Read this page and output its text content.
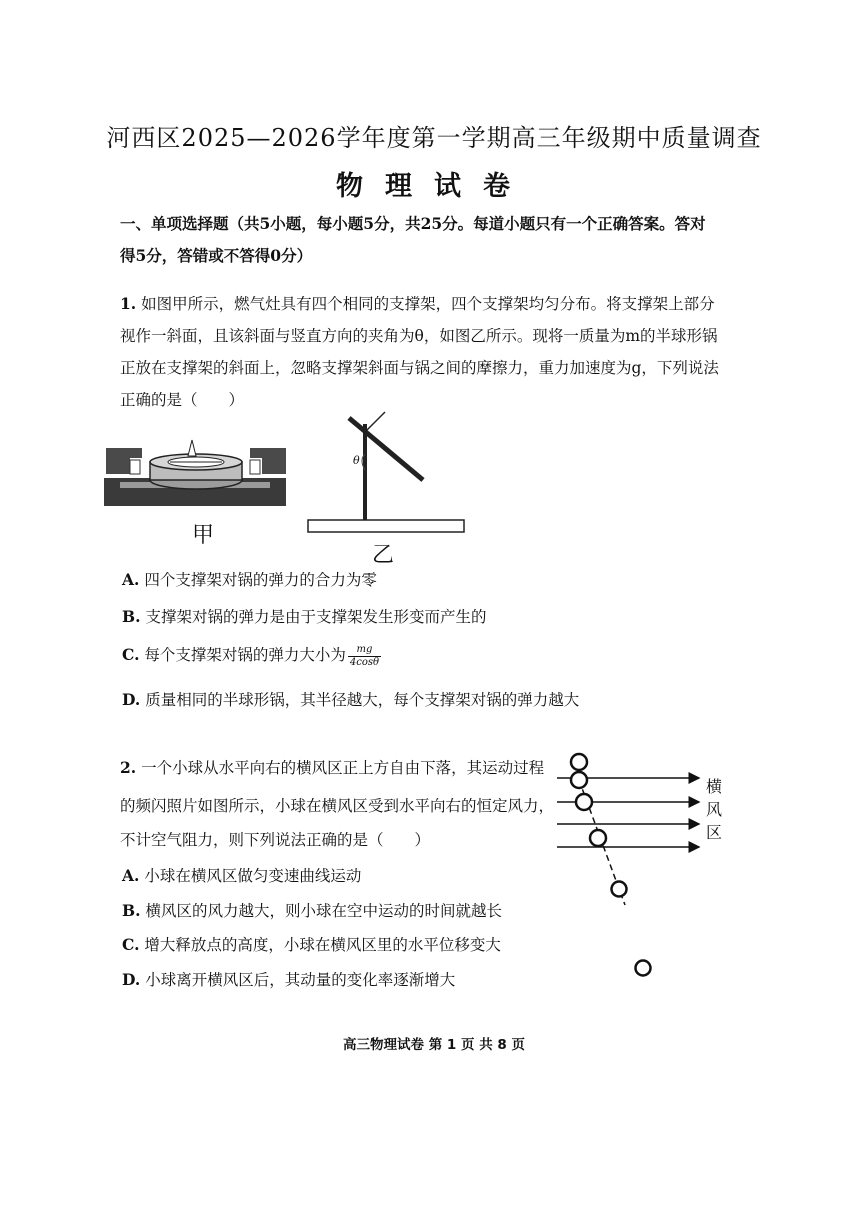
河西区2025—2026学年度第一学期高三年级期中质量调查
物理试卷
一、单项选择题（共5小题，每小题5分，共25分。每道小题只有一个正确答案。答对
得5分，答错或不答得0分）
1. 如图甲所示，燃气灶具有四个相同的支撑架，四个支撑架均匀分布。将支撑架上部分
视作一斜面，且该斜面与竖直方向的夹角为θ，如图乙所示。现将一质量为m的半球形锅
正放在支撑架的斜面上，忽略支撑架斜面与锅之间的摩擦力，重力加速度为g，下列说法
正确的是（　　）
甲
θ
乙
A. 四个支撑架对锅的弹力的合力为零
B. 支撑架对锅的弹力是由于支撑架发生形变而产生的
C. 每个支撑架对锅的弹力大小为 $\frac{mg}{4\cos\theta}$
D. 质量相同的半球形锅，其半径越大，每个支撑架对锅的弹力越大
2. 一个小球从水平向右的横风区正上方自由下落，其运动过程
的频闪照片如图所示，小球在横风区受到水平向右的恒定风力，
不计空气阻力，则下列说法正确的是（　　）
横
风
区
A. 小球在横风区做匀变速曲线运动
B. 横风区的风力越大，则小球在空中运动的时间就越长
C. 增大释放点的高度，小球在横风区里的水平位移变大
D. 小球离开横风区后，其动量的变化率逐渐增大
高三物理试卷 第 1 页 共 8 页
